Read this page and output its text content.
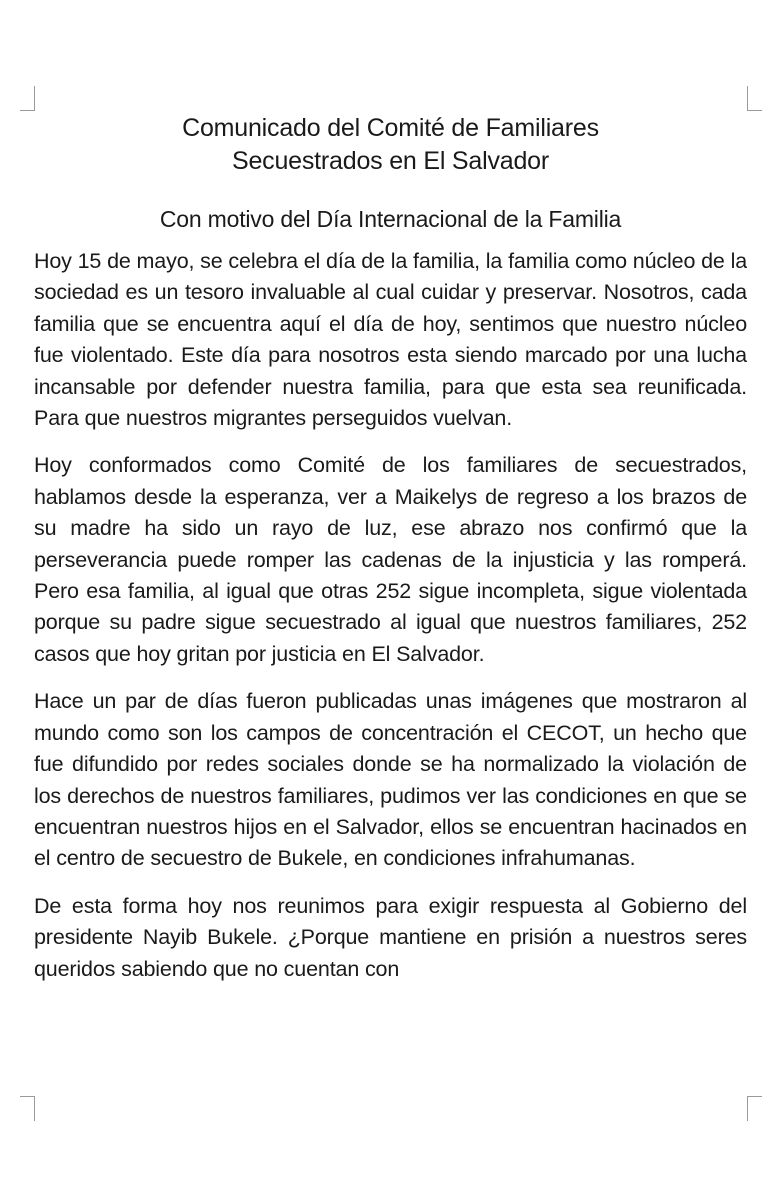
Comunicado del Comité de Familiares
Secuestrados en El Salvador
Con motivo del Día Internacional de la Familia

Hoy 15 de mayo, se celebra el día de la familia, la familia como núcleo de la sociedad es un tesoro invaluable al cual cuidar y preservar. Nosotros, cada familia que se encuentra aquí el día de hoy, sentimos que nuestro núcleo fue violentado. Este día para nosotros esta siendo marcado por una lucha incansable por defender nuestra familia, para que esta sea reunificada. Para que nuestros migrantes perseguidos vuelvan.

Hoy conformados como Comité de los familiares de secuestrados, hablamos desde la esperanza, ver a Maikelys de regreso a los brazos de su madre ha sido un rayo de luz, ese abrazo nos confirmó que la perseverancia puede romper las cadenas de la injusticia y las romperá. Pero esa familia, al igual que otras 252 sigue incompleta, sigue violentada porque su padre sigue secuestrado al igual que nuestros familiares, 252 casos que hoy gritan por justicia en El Salvador.

Hace un par de días fueron publicadas unas imágenes que mostraron al mundo como son los campos de concentración el CECOT, un hecho que fue difundido por redes sociales donde se ha normalizado la violación de los derechos de nuestros familiares, pudimos ver las condiciones en que se encuentran nuestros hijos en el Salvador, ellos se encuentran hacinados en el centro de secuestro de Bukele, en condiciones infrahumanas.

De esta forma hoy nos reunimos para exigir respuesta al Gobierno del presidente Nayib Bukele. ¿Porque mantiene en prisión a nuestros seres queridos sabiendo que no cuentan con
